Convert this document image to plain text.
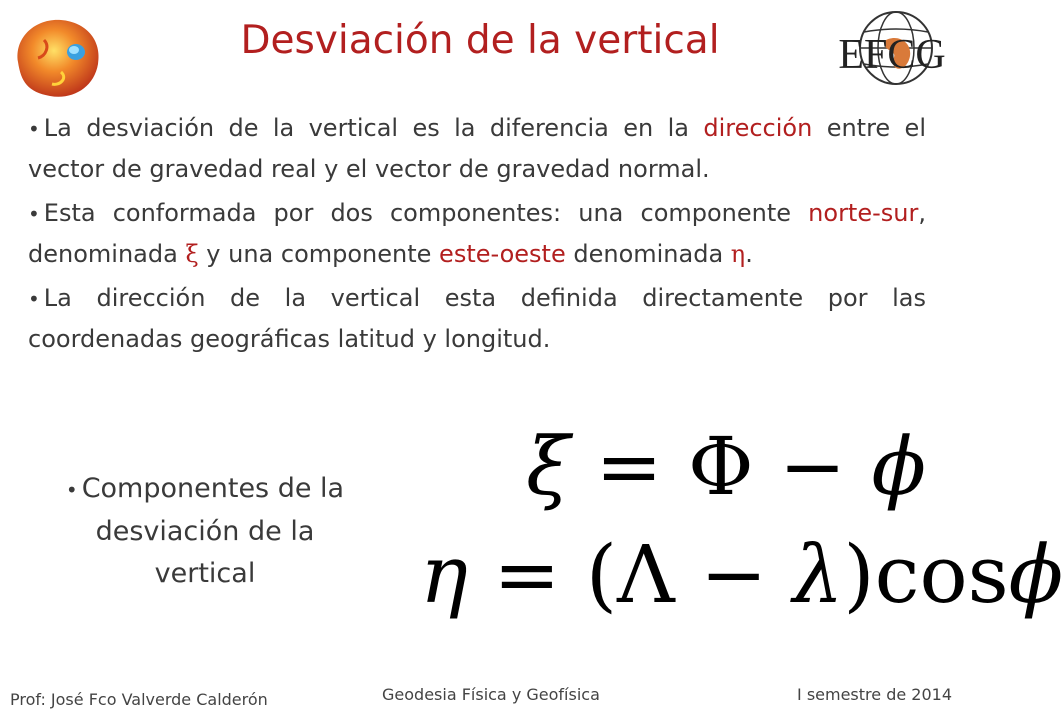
Desviación de la vertical	EFCG

• La desviación de la vertical es la diferencia en la dirección entre el vector de gravedad real y el vector de gravedad normal.

• Esta conformada por dos componentes: una componente norte-sur, denominada ξ y una componente este-oeste denominada η.

• La dirección de la vertical esta definida directamente por las coordenadas geográficas latitud y longitud.

• Componentes de la
desviación de la
vertical
ξ = Φ − ϕ
η = (Λ − λ)cosϕ
Prof: José Fco Valverde Calderón	Geodesia Física y Geofísica	I semestre de 2014
